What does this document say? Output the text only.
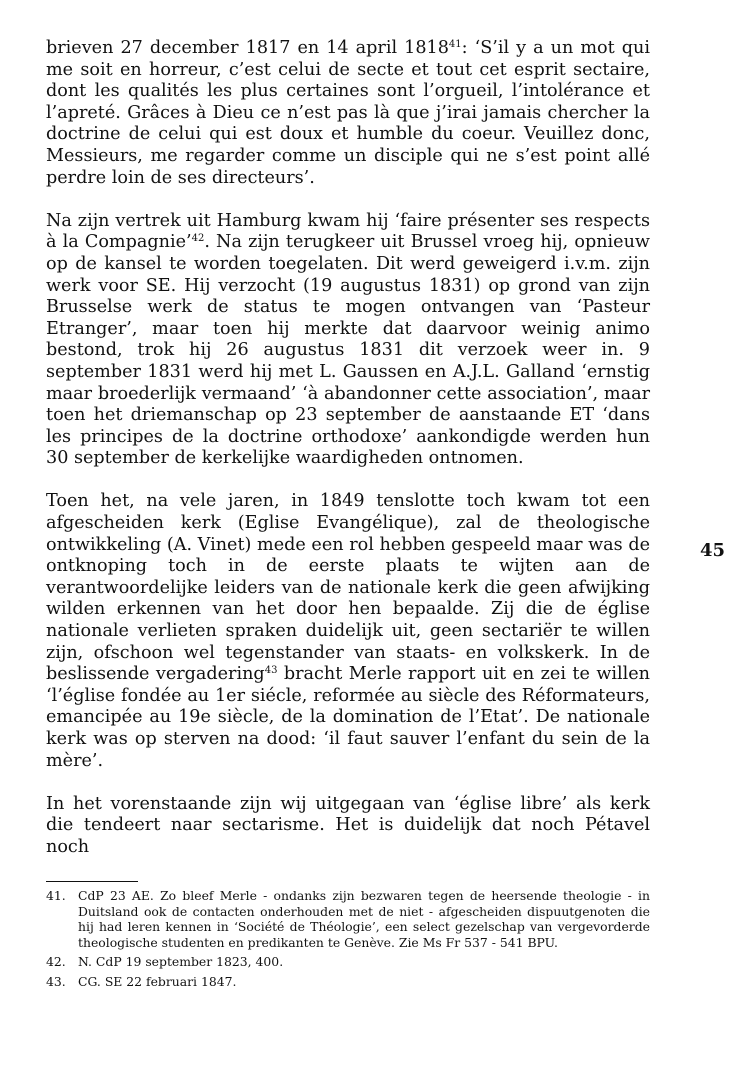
brieven 27 december 1817 en 14 april 1818$^{41}$: ‘S’il y a un mot qui me soit en horreur, c’est celui de secte et tout cet esprit sectaire, dont les qualités les plus certaines sont l’orgueil, l’intolérance et l’apreté. Grâces à Dieu ce n’est pas là que j’irai jamais chercher la doctrine de celui qui est doux et humble du coeur. Veuillez donc, Messieurs, me regarder comme un disciple qui ne s’est point allé perdre loin de ses directeurs’.

Na zijn vertrek uit Hamburg kwam hij ‘faire présenter ses respects à la Compagnie’$^{42}$. Na zijn terugkeer uit Brussel vroeg hij, opnieuw op de kansel te worden toegelaten. Dit werd geweigerd i.v.m. zijn werk voor SE. Hij verzocht (19 augustus 1831) op grond van zijn Brusselse werk de status te mogen ontvangen van ‘Pasteur Etranger’, maar toen hij merkte dat daarvoor weinig animo bestond, trok hij 26 augustus 1831 dit verzoek weer in. 9 september 1831 werd hij met L. Gaussen en A.J.L. Galland ‘ernstig maar broederlijk vermaand’ ‘à abandonner cette association’, maar toen het driemanschap op 23 september de aanstaande ET ‘dans les principes de la doctrine orthodoxe’ aankondigde werden hun 30 september de kerkelijke waardigheden ontnomen.

Toen het, na vele jaren, in 1849 tenslotte toch kwam tot een afgescheiden kerk (Eglise Evangélique), zal de theologische ontwikkeling (A. Vinet) mede een rol hebben gespeeld maar was de ontknoping toch in de eerste plaats te wijten aan de verantwoordelijke leiders van de nationale kerk die geen afwijking wilden erkennen van het door hen bepaalde. Zij die de église nationale verlieten spraken duidelijk uit, geen sectariër te willen zijn, ofschoon wel tegenstander van staats- en volkskerk. In de beslissende vergadering$^{43}$ bracht Merle rapport uit en zei te willen ‘l’église fondée au 1er siécle, reformée au siècle des Réformateurs, emancipée au 19e siècle, de la domination de l’Etat’. De nationale kerk was op sterven na dood: ‘il faut sauver l’enfant du sein de la mère’.

In het vorenstaande zijn wij uitgegaan van ‘église libre’ als kerk die tendeert naar sectarisme. Het is duidelijk dat noch Pétavel noch

45
41. CdP 23 AE. Zo bleef Merle - ondanks zijn bezwaren tegen de heersende theologie - in Duitsland ook de contacten onderhouden met de niet - afgescheiden dispuutgenoten die hij had leren kennen in ‘Société de Théologie’, een select gezelschap van vergevorderde theologische studenten en predikanten te Genève. Zie Ms Fr 537 - 541 BPU.
42. N. CdP 19 september 1823, 400.
43. CG. SE 22 februari 1847.
